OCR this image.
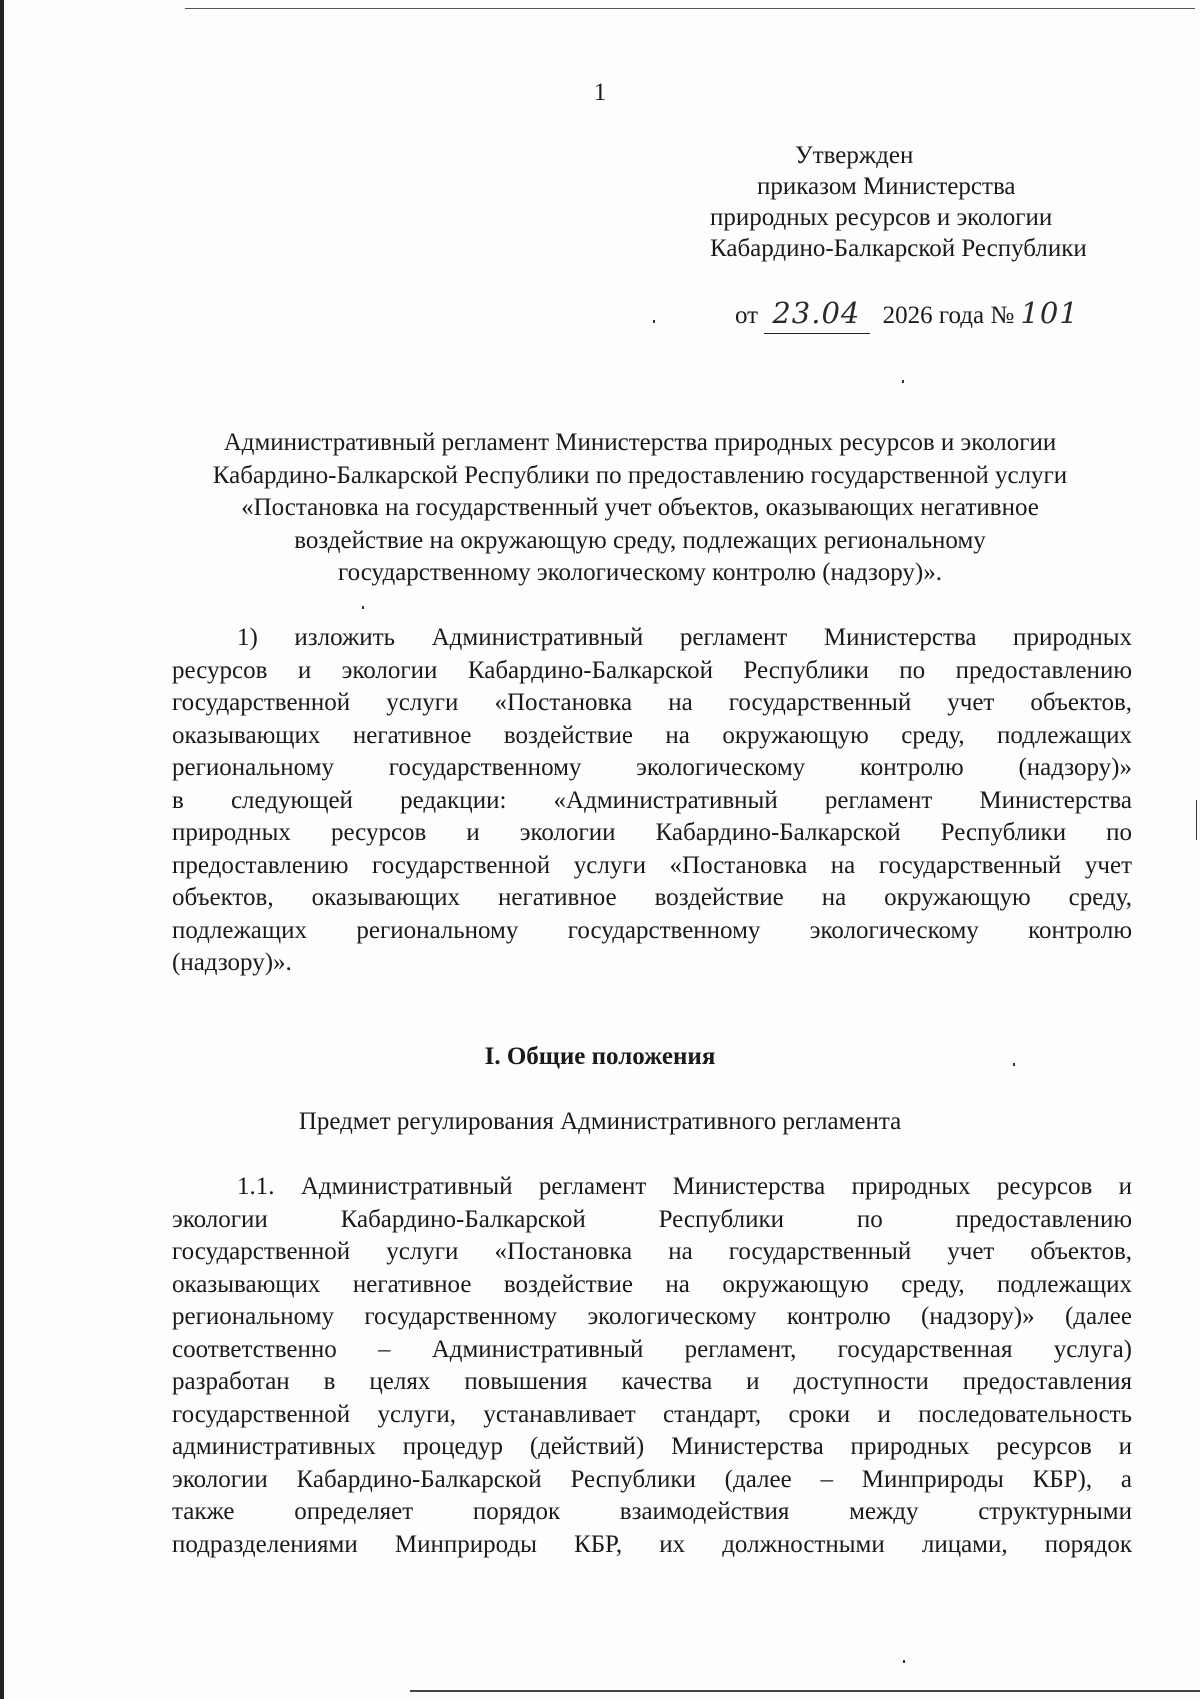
1
Утвержден
приказом Министерства
природных ресурсов и экологии
Кабардино-Балкарской Республики
от 23.04 2026 года № 101
Административный регламент Министерства природных ресурсов и экологии
Кабардино-Балкарской Республики по предоставлению государственной услуги
«Постановка на государственный учет объектов, оказывающих негативное
воздействие на окружающую среду, подлежащих региональному
государственному экологическому контролю (надзору)».
1) изложить Административный регламент Министерства природных
ресурсов и экологии Кабардино-Балкарской Республики по предоставлению
государственной услуги «Постановка на государственный учет объектов,
оказывающих негативное воздействие на окружающую среду, подлежащих
региональному государственному экологическому контролю (надзору)»
в следующей редакции: «Административный регламент Министерства
природных ресурсов и экологии Кабардино-Балкарской Республики по
предоставлению государственной услуги «Постановка на государственный учет
объектов, оказывающих негативное воздействие на окружающую среду,
подлежащих региональному государственному экологическому контролю
(надзору)».
I. Общие положения
Предмет регулирования Административного регламента
1.1. Административный регламент Министерства природных ресурсов и
экологии Кабардино-Балкарской Республики по предоставлению
государственной услуги «Постановка на государственный учет объектов,
оказывающих негативное воздействие на окружающую среду, подлежащих
региональному государственному экологическому контролю (надзору)» (далее
соответственно – Административный регламент, государственная услуга)
разработан в целях повышения качества и доступности предоставления
государственной услуги, устанавливает стандарт, сроки и последовательность
административных процедур (действий) Министерства природных ресурсов и
экологии Кабардино-Балкарской Республики (далее – Минприроды КБР), а
также определяет порядок взаимодействия между структурными
подразделениями Минприроды КБР, их должностными лицами, порядок
